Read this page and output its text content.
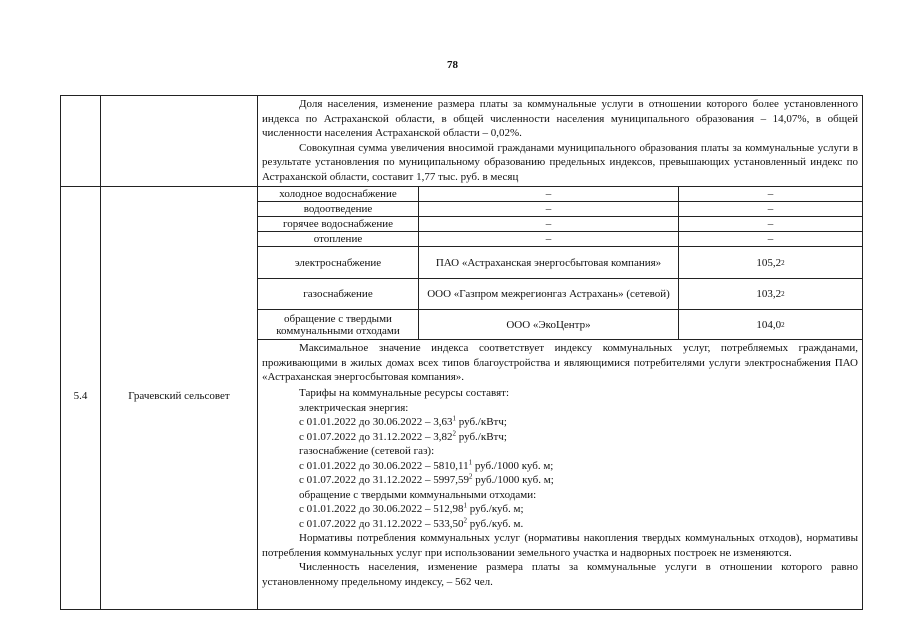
78
Доля населения, изменение размера платы за коммунальные услуги в отношении которого более установленного индекса по Астраханской области, в общей численности населения муниципального образования – 14,07%, в общей численности населения Астраханской области – 0,02%.
Совокупная сумма увеличения вносимой гражданами муниципального образования платы за коммунальные услуги в результате установления по муниципальному образованию предельных индексов, превышающих установленный индекс по Астраханской области, составит 1,77 тыс. руб. в месяц
5.4	Грачевский сельсовет
холодное водоснабжение	–	–
водоотведение	–	–
горячее водоснабжение	–	–
отопление	–	–
электроснабжение	ПАО «Астраханская энергосбытовая компания»	105,2 2
газоснабжение	ООО «Газпром межрегионгаз Астрахань» (сетевой)	103,2 2
обращение с твердыми коммунальными отходами	ООО «ЭкоЦентр»	104,0 2
Максимальное значение индекса соответствует индексу коммунальных услуг, потребляемых гражданами, проживающими в жилых домах всех типов благоустройства и являющимися потребителями услуги электроснабжения ПАО «Астраханская энергосбытовая компания».
Тарифы на коммунальные ресурсы составят:
электрическая энергия:
с 01.01.2022 до 30.06.2022 – 3,63$^1$ руб./кВтч;
с 01.07.2022 до 31.12.2022 – 3,82$^2$ руб./кВтч;
газоснабжение (сетевой газ):
с 01.01.2022 до 30.06.2022 – 5810,11$^1$ руб./1000 куб. м;
с 01.07.2022 до 31.12.2022 – 5997,59$^2$ руб./1000 куб. м;
обращение с твердыми коммунальными отходами:
с 01.01.2022 до 30.06.2022 – 512,98$^1$ руб./куб. м;
с 01.07.2022 до 31.12.2022 – 533,50$^2$ руб./куб. м.
Нормативы потребления коммунальных услуг (нормативы накопления твердых коммунальных отходов), нормативы потребления коммунальных услуг при использовании земельного участка и надворных построек не изменяются.
Численность населения, изменение размера платы за коммунальные услуги в отношении которого равно установленному предельному индексу, – 562 чел.
